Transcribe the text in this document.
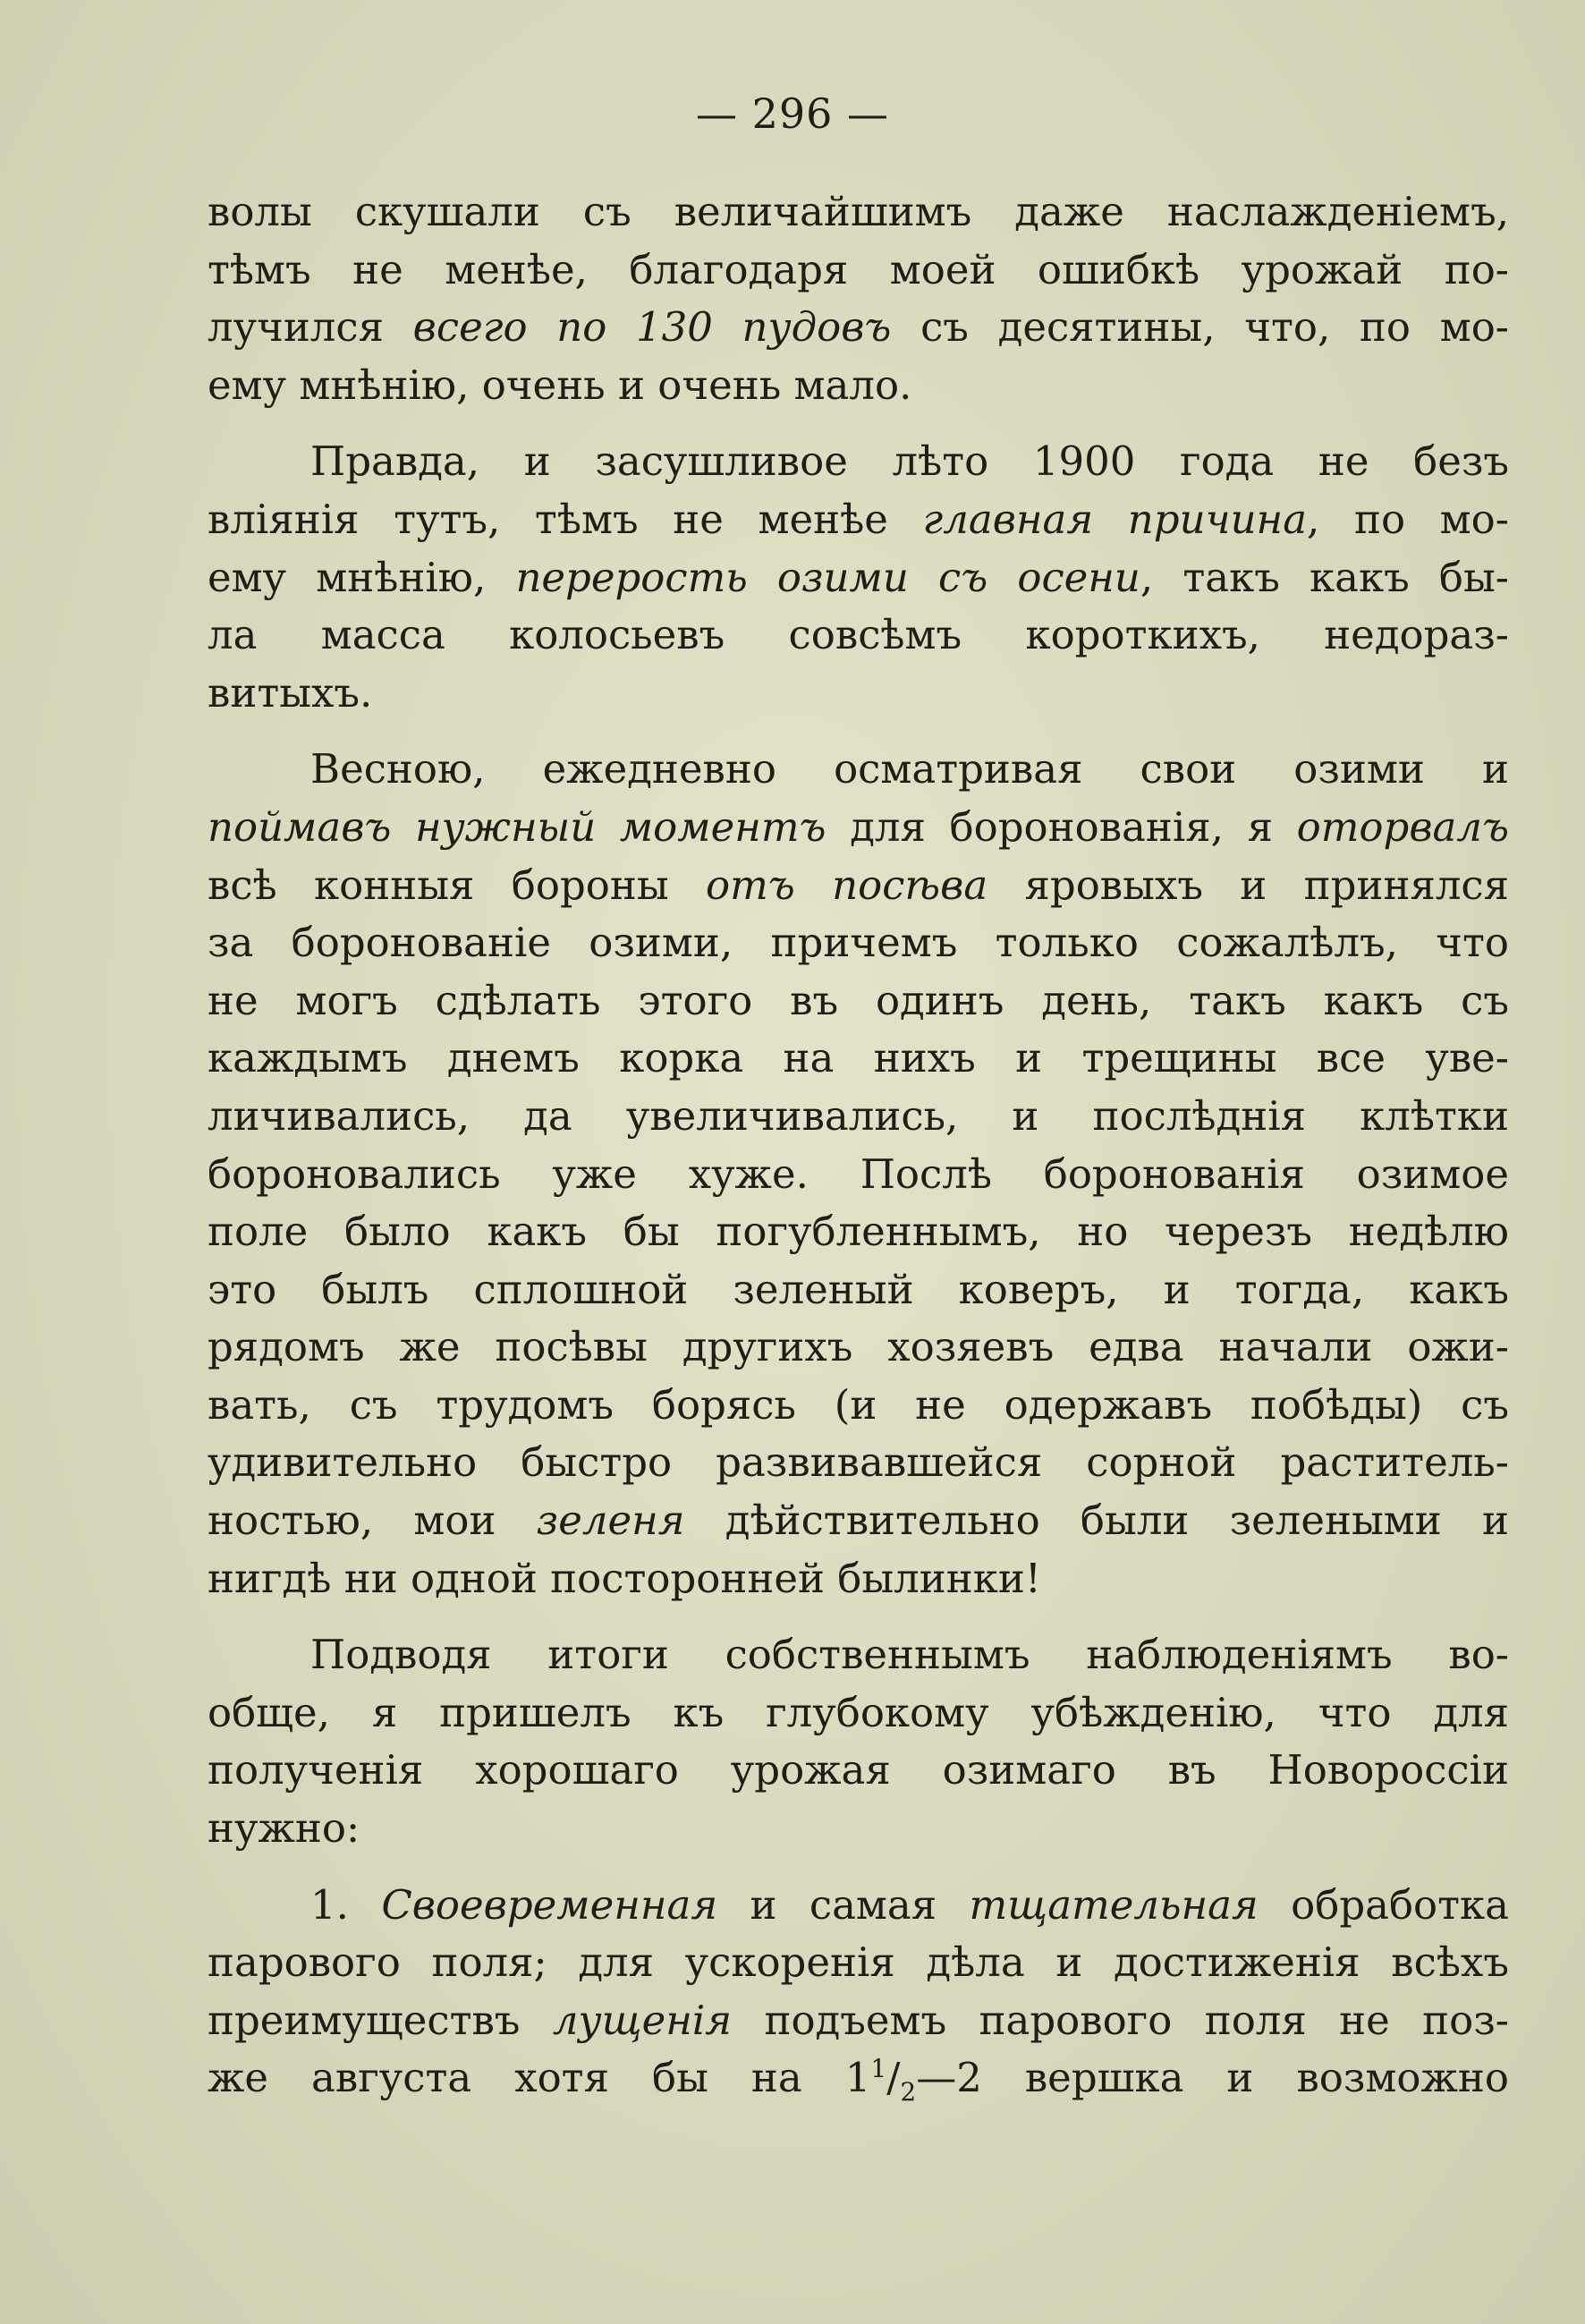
— 296 —
волы скушали съ величайшимъ даже наслажденіемъ,
тѣмъ не менѣе, благодаря моей ошибкѣ урожай по-
лучился всего по 130 пудовъ съ десятины, что, по мо-
ему мнѣнію, очень и очень мало.
Правда, и засушливое лѣто 1900 года не безъ
вліянія тутъ, тѣмъ не менѣе главная причина, по мо-
ему мнѣнію, перерость озими съ осени, такъ какъ бы-
ла масса колосьевъ совсѣмъ короткихъ, недораз-
витыхъ.
Весною, ежедневно осматривая свои озими и
поймавъ нужный моментъ для боронованія, я оторвалъ
всѣ конныя бороны отъ посѣва яровыхъ и принялся
за боронованіе озими, причемъ только сожалѣлъ, что
не могъ сдѣлать этого въ одинъ день, такъ какъ съ
каждымъ днемъ корка на нихъ и трещины все уве-
личивались, да увеличивались, и послѣднія клѣтки
бороновались уже хуже. Послѣ боронованія озимое
поле было какъ бы погубленнымъ, но черезъ недѣлю
это былъ сплошной зеленый коверъ, и тогда, какъ
рядомъ же посѣвы другихъ хозяевъ едва начали ожи-
вать, съ трудомъ борясь (и не одержавъ побѣды) съ
удивительно быстро развивавшейся сорной раститель-
ностью, мои зеленя дѣйствительно были зелеными и
нигдѣ ни одной посторонней былинки!
Подводя итоги собственнымъ наблюденіямъ во-
обще, я пришелъ къ глубокому убѣжденію, что для
полученія хорошаго урожая озимаго въ Новороссіи
нужно:
1. Своевременная и самая тщательная обработка
парового поля; для ускоренія дѣла и достиженія всѣхъ
преимуществъ лущенія подъемъ парового поля не поз-
же августа хотя бы на $1^1/_2—2$ вершка и возможно
